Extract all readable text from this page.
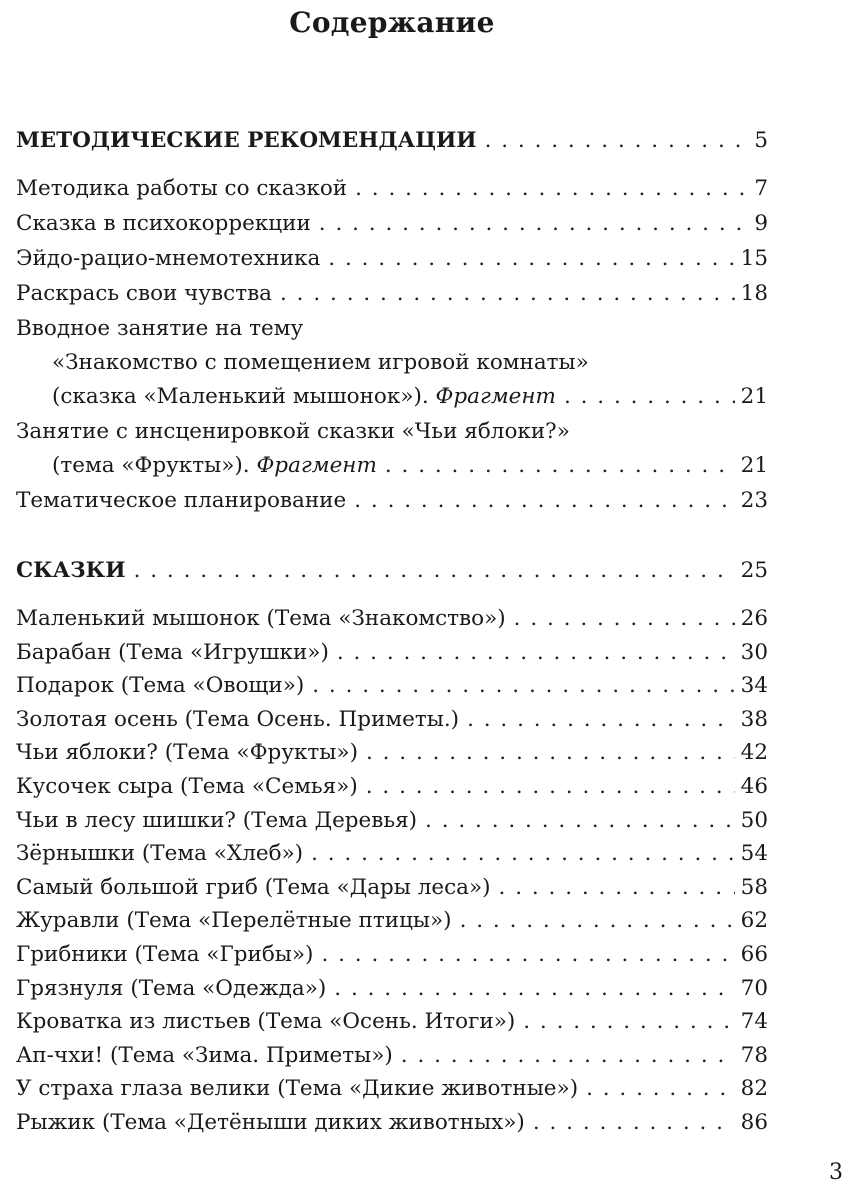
Содержание
МЕТОДИЧЕСКИЕ РЕКОМЕНДАЦИИ . . .	5
Методика работы со сказкой . . .	7
Сказка в психокоррекции . . .	9
Эйдо-рацио-мнемотехника . . .	15
Раскрась свои чувства . . .	18
Вводное занятие на тему
«Знакомство с помещением игровой комнаты»
(сказка «Маленький мышонок»). Фрагмент . . .	21
Занятие с инсценировкой сказки «Чьи яблоки?»
(тема «Фрукты»). Фрагмент . . .	21
Тематическое планирование . . .	23
СКАЗКИ . . .	25
Маленький мышонок (Тема «Знакомство») . . .	26
Барабан (Тема «Игрушки») . . .	30
Подарок (Тема «Овощи») . . .	34
Золотая осень (Тема Осень. Приметы.) . . .	38
Чьи яблоки? (Тема «Фрукты») . . .	42
Кусочек сыра (Тема «Семья») . . .	46
Чьи в лесу шишки? (Тема Деревья) . . .	50
Зёрнышки (Тема «Хлеб») . . .	54
Самый большой гриб (Тема «Дары леса») . . .	58
Журавли (Тема «Перелётные птицы») . . .	62
Грибники (Тема «Грибы») . . .	66
Грязнуля (Тема «Одежда») . . .	70
Кроватка из листьев (Тема «Осень. Итоги») . . .	74
Ап-чхи! (Тема «Зима. Приметы») . . .	78
У страха глаза велики (Тема «Дикие животные») . . .	82
Рыжик (Тема «Детёныши диких животных») . . .	86
3
